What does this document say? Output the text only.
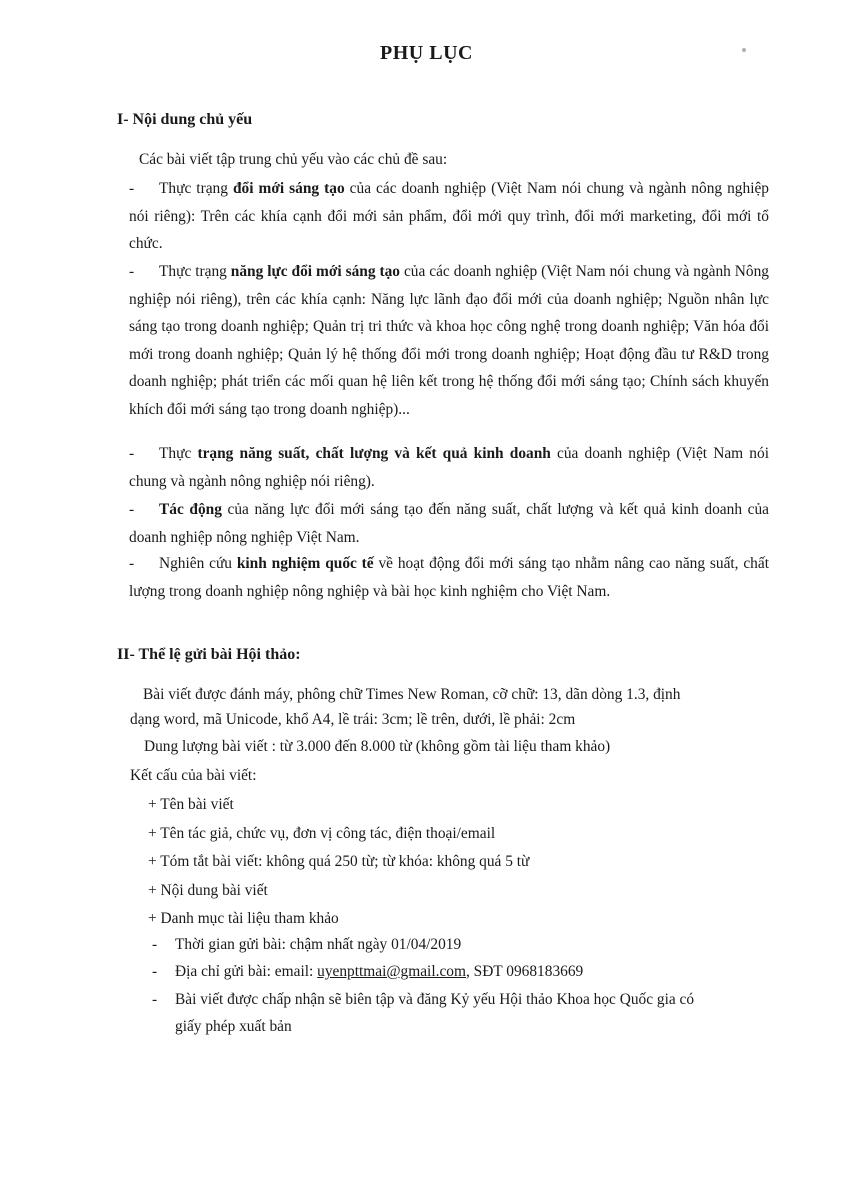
PHỤ LỤC
I- Nội dung chủ yếu
Các bài viết tập trung chủ yếu vào các chủ đề sau:
- Thực trạng đổi mới sáng tạo của các doanh nghiệp (Việt Nam nói chung và ngành nông nghiệp nói riêng): Trên các khía cạnh đổi mới sản phẩm, đổi mới quy trình, đổi mới marketing, đổi mới tổ chức.
- Thực trạng năng lực đổi mới sáng tạo của các doanh nghiệp (Việt Nam nói chung và ngành Nông nghiệp nói riêng), trên các khía cạnh: Năng lực lãnh đạo đổi mới của doanh nghiệp; Nguồn nhân lực sáng tạo trong doanh nghiệp; Quản trị tri thức và khoa học công nghệ trong doanh nghiệp; Văn hóa đổi mới trong doanh nghiệp; Quản lý hệ thống đổi mới trong doanh nghiệp; Hoạt động đầu tư R&D trong doanh nghiệp; phát triển các mối quan hệ liên kết trong hệ thống đổi mới sáng tạo; Chính sách khuyến khích đổi mới sáng tạo trong doanh nghiệp)...
- Thực trạng năng suất, chất lượng và kết quả kinh doanh của doanh nghiệp (Việt Nam nói chung và ngành nông nghiệp nói riêng).
- Tác động của năng lực đổi mới sáng tạo đến năng suất, chất lượng và kết quả kinh doanh của doanh nghiệp nông nghiệp Việt Nam.
- Nghiên cứu kinh nghiệm quốc tế về hoạt động đổi mới sáng tạo nhằm nâng cao năng suất, chất lượng trong doanh nghiệp nông nghiệp và bài học kinh nghiệm cho Việt Nam.
II- Thể lệ gửi bài Hội thảo:
Bài viết được đánh máy, phông chữ Times New Roman, cỡ chữ: 13, dãn dòng 1.3, định
dạng word, mã Unicode, khổ A4, lề trái: 3cm; lề trên, dưới, lề phải: 2cm
Dung lượng bài viết : từ 3.000 đến 8.000 từ (không gồm tài liệu tham khảo)
Kết cấu của bài viết:
+ Tên bài viết
+ Tên tác giả, chức vụ, đơn vị công tác, điện thoại/email
+ Tóm tắt bài viết: không quá 250 từ; từ khóa: không quá 5 từ
+ Nội dung bài viết
+ Danh mục tài liệu tham khảo
- Thời gian gửi bài: chậm nhất ngày 01/04/2019
- Địa chỉ gửi bài: email: uyenpttmai@gmail.com, SĐT 0968183669
- Bài viết được chấp nhận sẽ biên tập và đăng Kỷ yếu Hội thảo Khoa học Quốc gia có
giấy phép xuất bản
